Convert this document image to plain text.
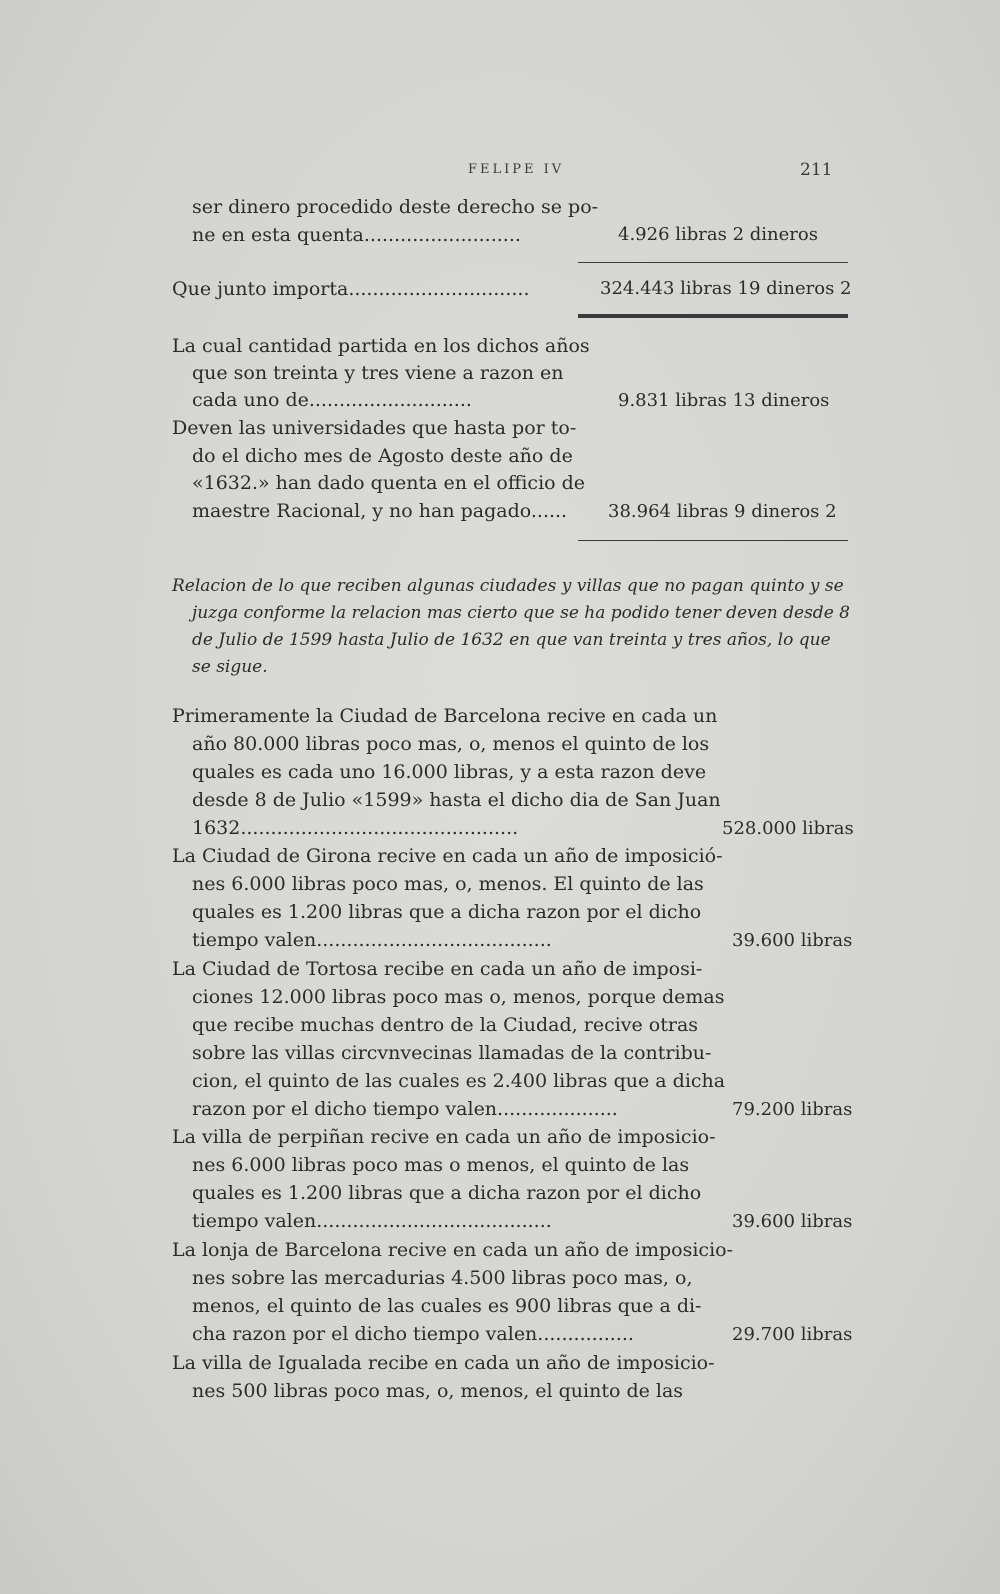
FELIPE IV	211
ser dinero procedido deste derecho se po-
ne en esta quenta..........................	4.926 libras 2 dineros
Que junto importa..............................	324.443 libras 19 dineros 2
La cual cantidad partida en los dichos años
que son treinta y tres viene a razon en
cada uno de...........................	9.831 libras 13 dineros
Deven las universidades que hasta por to-
do el dicho mes de Agosto deste año de
«1632.» han dado quenta en el officio de
maestre Racional, y no han pagado...... 38.964 libras 9 dineros 2
Relacion de lo que reciben algunas ciudades y villas que no pagan quinto y se
juzga conforme la relacion mas cierto que se ha podido tener deven desde 8
de Julio de 1599 hasta Julio de 1632 en que van treinta y tres años, lo que
se sigue.
Primeramente la Ciudad de Barcelona recive en cada un
año 80.000 libras poco mas, o, menos el quinto de los
quales es cada uno 16.000 libras, y a esta razon deve
desde 8 de Julio «1599» hasta el dicho dia de San Juan
1632..............................................	528.000 libras
La Ciudad de Girona recive en cada un año de imposició-
nes 6.000 libras poco mas, o, menos. El quinto de las
quales es 1.200 libras que a dicha razon por el dicho
tiempo valen.......................................	39.600 libras
La Ciudad de Tortosa recibe en cada un año de imposi-
ciones 12.000 libras poco mas o, menos, porque demas
que recibe muchas dentro de la Ciudad, recive otras
sobre las villas circvnvecinas llamadas de la contribu-
cion, el quinto de las cuales es 2.400 libras que a dicha
razon por el dicho tiempo valen....................	79.200 libras
La villa de perpiñan recive en cada un año de imposicio-
nes 6.000 libras poco mas o menos, el quinto de las
quales es 1.200 libras que a dicha razon por el dicho
tiempo valen.......................................	39.600 libras
La lonja de Barcelona recive en cada un año de imposicio-
nes sobre las mercadurias 4.500 libras poco mas, o,
menos, el quinto de las cuales es 900 libras que a di-
cha razon por el dicho tiempo valen................	29.700 libras
La villa de Igualada recibe en cada un año de imposicio-
nes 500 libras poco mas, o, menos, el quinto de las
